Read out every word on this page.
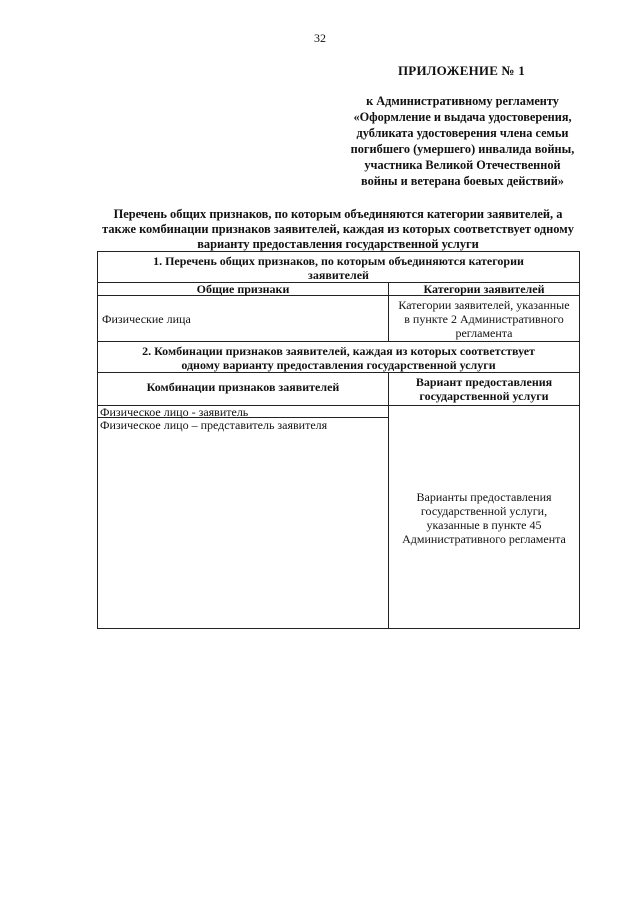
32
ПРИЛОЖЕНИЕ № 1
к Административному регламенту
«Оформление и выдача удостоверения,
дубликата удостоверения члена семьи
погибшего (умершего) инвалида войны,
участника Великой Отечественной
войны и ветерана боевых действий»
Перечень общих признаков, по которым объединяются категории заявителей, а
также комбинации признаков заявителей, каждая из которых соответствует одному
варианту предоставления государственной услуги
1. Перечень общих признаков, по которым объединяются категории
заявителей
Общие признаки	Категории заявителей
Физические лица
Категории заявителей, указанные
в пункте 2 Административного
регламента
2. Комбинации признаков заявителей, каждая из которых соответствует
одному варианту предоставления государственной услуги
Комбинации признаков заявителей	Вариант предоставления
государственной услуги
Физическое лицо - заявитель
Физическое лицо – представитель заявителя
Варианты предоставления
государственной услуги,
указанные в пункте 45
Административного регламента
